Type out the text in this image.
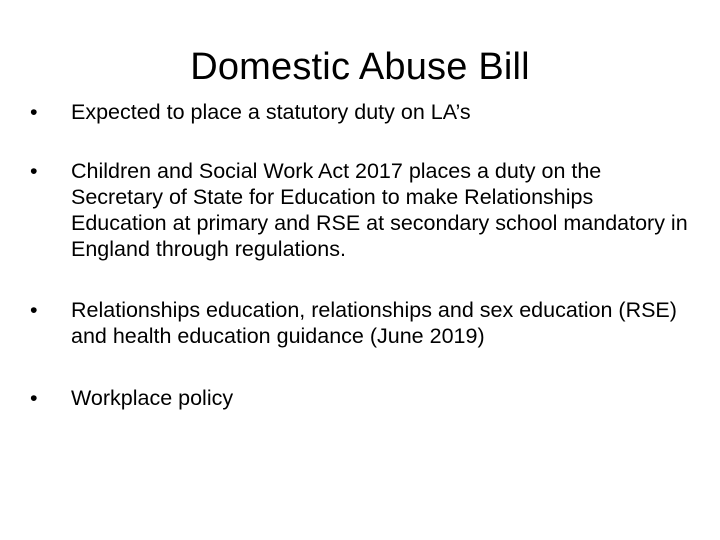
Domestic Abuse Bill
•	Expected to place a statutory duty on LA’s
•	Children and Social Work Act 2017 places a duty on the Secretary of State for Education to make Relationships Education at primary and RSE at secondary school mandatory in England through regulations.
•	Relationships education, relationships and sex education (RSE) and health education guidance (June 2019)
•	Workplace policy
